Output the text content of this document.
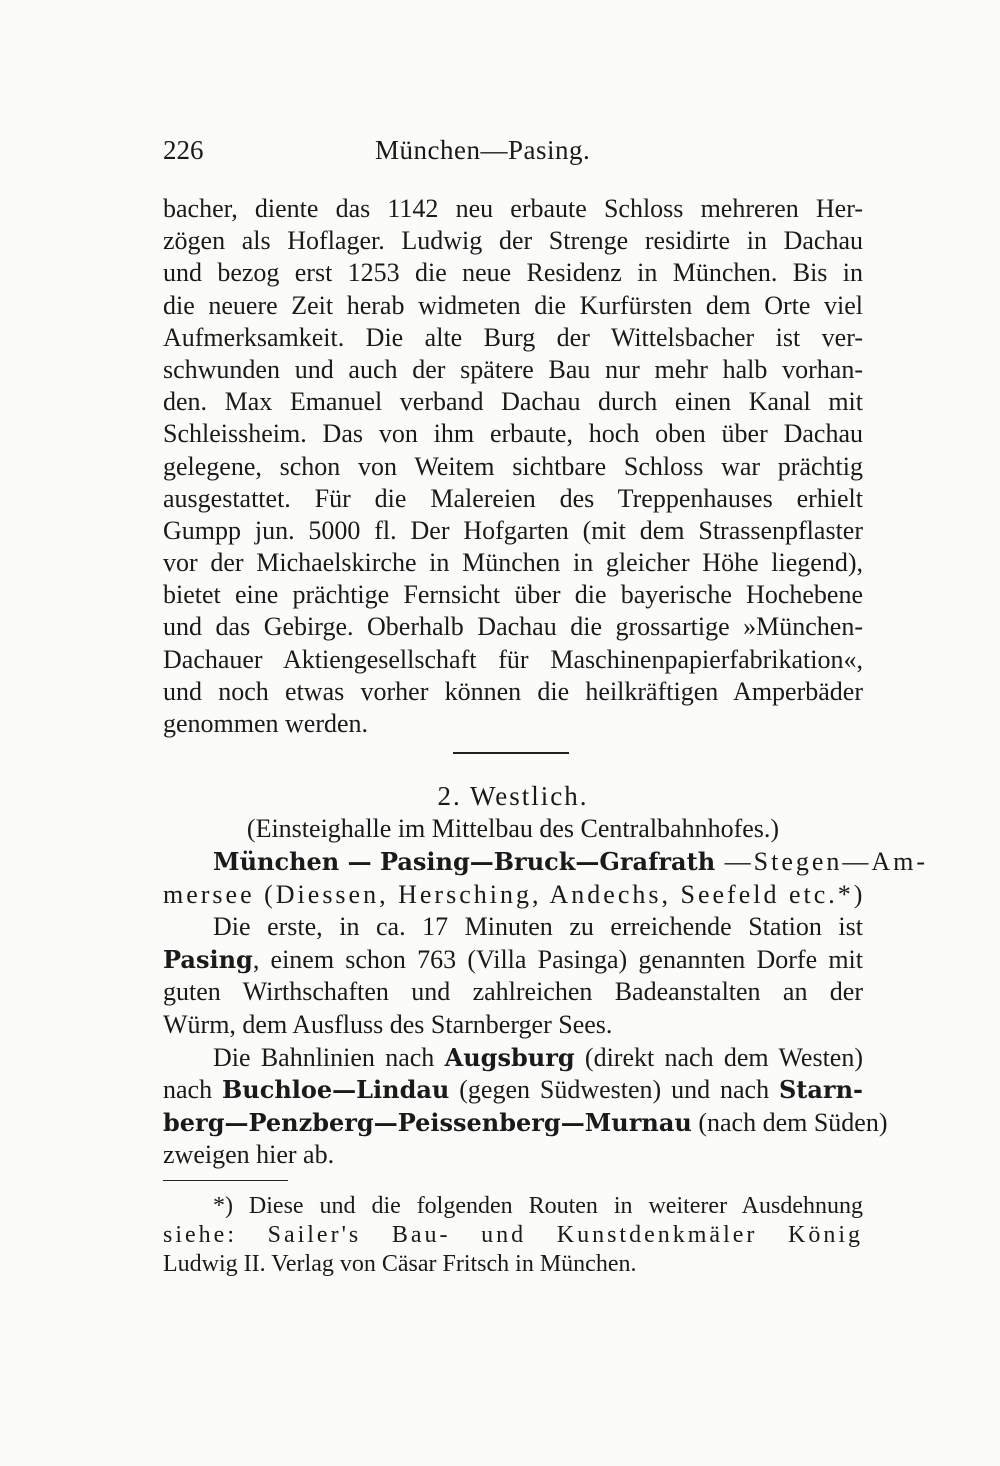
226	München—Pasing.
bacher, diente das 1142 neu erbaute Schloss mehreren Her-
zögen als Hoflager. Ludwig der Strenge residirte in Dachau
und bezog erst 1253 die neue Residenz in München. Bis in
die neuere Zeit herab widmeten die Kurfürsten dem Orte viel
Aufmerksamkeit. Die alte Burg der Wittelsbacher ist ver-
schwunden und auch der spätere Bau nur mehr halb vorhan-
den. Max Emanuel verband Dachau durch einen Kanal mit
Schleissheim. Das von ihm erbaute, hoch oben über Dachau
gelegene, schon von Weitem sichtbare Schloss war prächtig
ausgestattet. Für die Malereien des Treppenhauses erhielt
Gumpp jun. 5000 fl. Der Hofgarten (mit dem Strassenpflaster
vor der Michaelskirche in München in gleicher Höhe liegend),
bietet eine prächtige Fernsicht über die bayerische Hochebene
und das Gebirge. Oberhalb Dachau die grossartige »München-
Dachauer Aktiengesellschaft für Maschinenpapierfabrikation«,
und noch etwas vorher können die heilkräftigen Amperbäder
genommen werden.
2. Westlich.
(Einsteighalle im Mittelbau des Centralbahnhofes.)
München — Pasing—Bruck—Grafrath —Stegen—Am-
mersee (Diessen, Hersching, Andechs, Seefeld etc.*)
Die erste, in ca. 17 Minuten zu erreichende Station ist
Pasing, einem schon 763 (Villa Pasinga) genannten Dorfe mit
guten Wirthschaften und zahlreichen Badeanstalten an der
Würm, dem Ausfluss des Starnberger Sees.
Die Bahnlinien nach Augsburg (direkt nach dem Westen)
nach Buchloe—Lindau (gegen Südwesten) und nach Starn-
berg—Penzberg—Peissenberg—Murnau (nach dem Süden)
zweigen hier ab.
*) Diese und die folgenden Routen in weiterer Ausdehnung
siehe: Sailer's Bau- und Kunstdenkmäler König
Ludwig II. Verlag von Cäsar Fritsch in München.
